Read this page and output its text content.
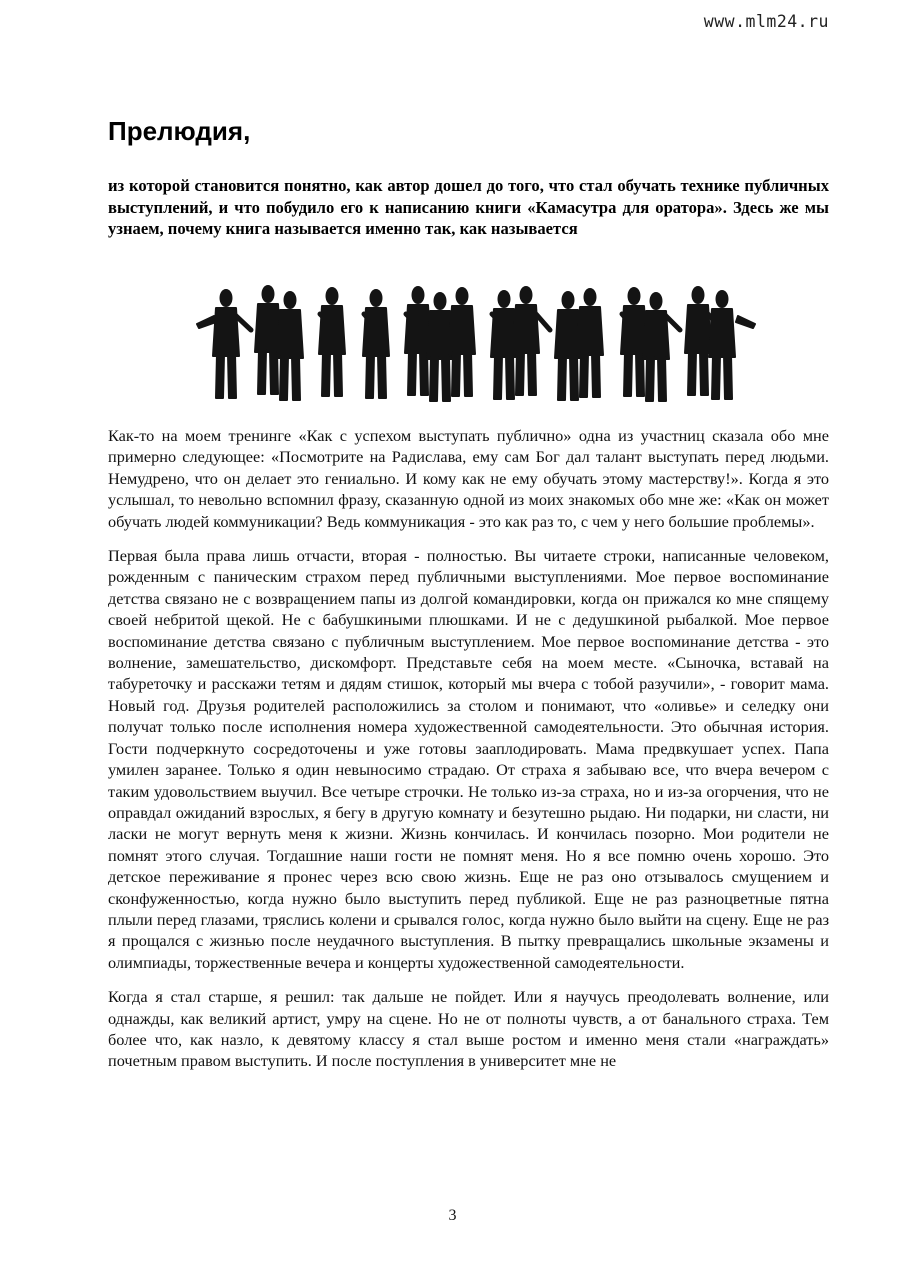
www.mlm24.ru
Прелюдия,

из которой становится понятно, как автор дошел до того, что стал обучать технике публичных выступлений, и что побудило его к написанию книги «Камасутра для оратора». Здесь же мы узнаем, почему книга называется именно так, как называется

Как-то на моем тренинге «Как с успехом выступать публично» одна из участниц сказала обо мне примерно следующее: «Посмотрите на Радислава, ему сам Бог дал талант выступать перед людьми. Немудрено, что он делает это гениально. И кому как не ему обучать этому мастерству!». Когда я это услышал, то невольно вспомнил фразу, сказанную одной из моих знакомых обо мне же: «Как он может обучать людей коммуникации? Ведь коммуникация - это как раз то, с чем у него большие проблемы».

Первая была права лишь отчасти, вторая - полностью. Вы читаете строки, написанные человеком, рожденным с паническим страхом перед публичными выступлениями. Мое первое воспоминание детства связано не с возвращением папы из долгой командировки, когда он прижался ко мне спящему своей небритой щекой. Не с бабушкиными плюшками. И не с дедушкиной рыбалкой. Мое первое воспоминание детства связано с публичным выступлением. Мое первое воспоминание детства - это волнение, замешательство, дискомфорт. Представьте себя на моем месте. «Сыночка, вставай на табуреточку и расскажи тетям и дядям стишок, который мы вчера с тобой разучили», - говорит мама. Новый год. Друзья родителей расположились за столом и понимают, что «оливье» и селедку они получат только после исполнения номера художественной самодеятельности. Это обычная история. Гости подчеркнуто сосредоточены и уже готовы зааплодировать. Мама предвкушает успех. Папа умилен заранее. Только я один невыносимо страдаю. От страха я забываю все, что вчера вечером с таким удовольствием выучил. Все четыре строчки. Не только из-за страха, но и из-за огорчения, что не оправдал ожиданий взрослых, я бегу в другую комнату и безутешно рыдаю. Ни подарки, ни сласти, ни ласки не могут вернуть меня к жизни. Жизнь кончилась. И кончилась позорно. Мои родители не помнят этого случая. Тогдашние наши гости не помнят меня. Но я все помню очень хорошо. Это детское переживание я пронес через всю свою жизнь. Еще не раз оно отзывалось смущением и сконфуженностью, когда нужно было выступить перед публикой. Еще не раз разноцветные пятна плыли перед глазами, тряслись колени и срывался голос, когда нужно было выйти на сцену. Еще не раз я прощался с жизнью после неудачного выступления. В пытку превращались школьные экзамены и олимпиады, торжественные вечера и концерты художественной самодеятельности.

Когда я стал старше, я решил: так дальше не пойдет. Или я научусь преодолевать волнение, или однажды, как великий артист, умру на сцене. Но не от полноты чувств, а от банального страха. Тем более что, как назло, к девятому классу я стал выше ростом и именно меня стали «награждать» почетным правом выступить. И после поступления в университет мне не

3
